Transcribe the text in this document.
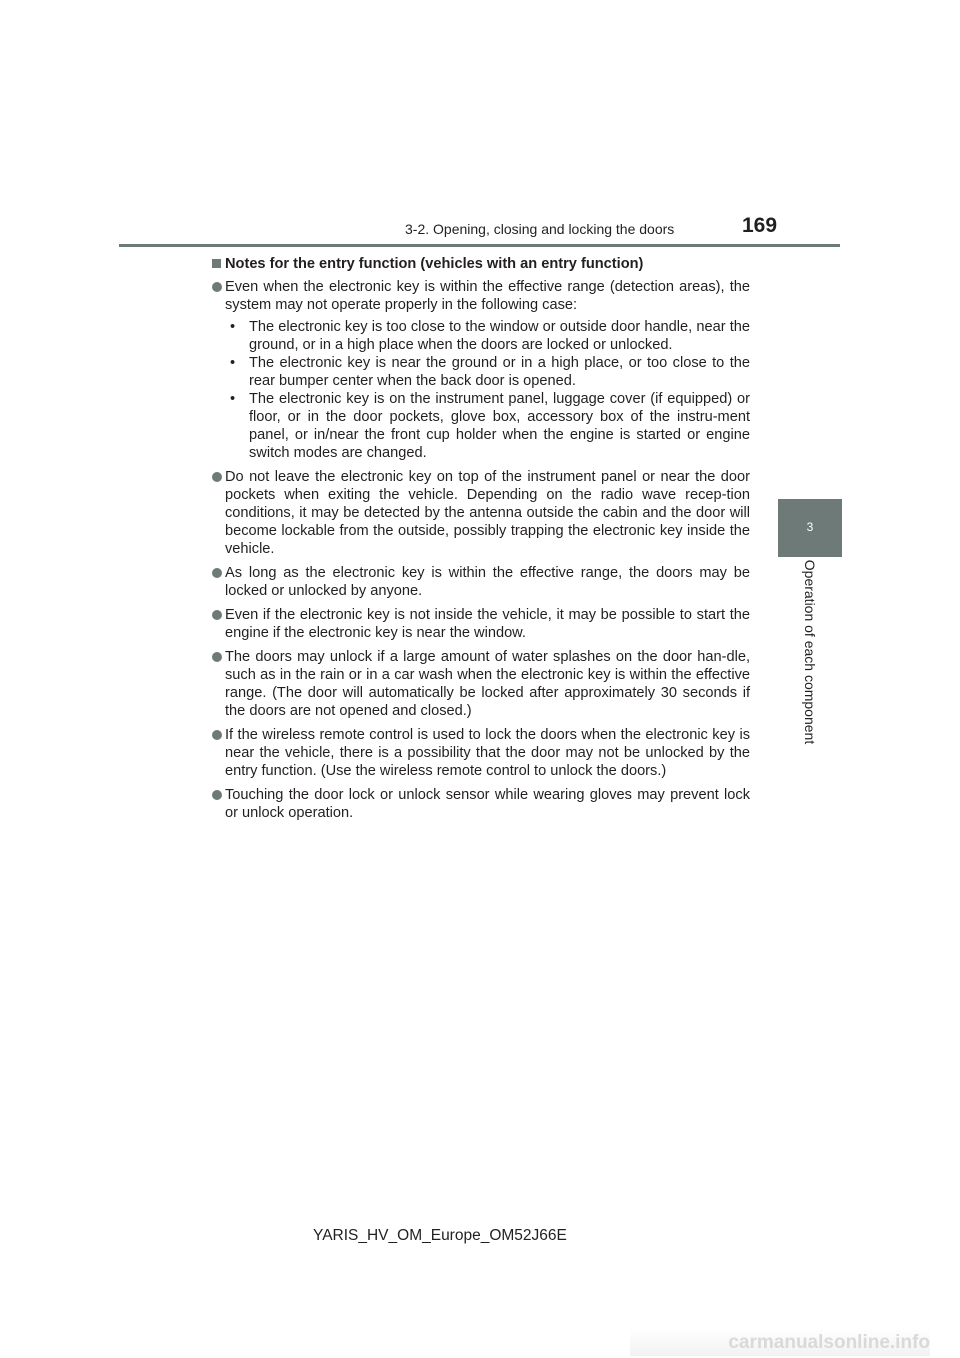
3-2. Opening, closing and locking the doors	169
3
Operation of each component
Notes for the entry function (vehicles with an entry function)
Even when the electronic key is within the effective range (detection areas), the system may not operate properly in the following case:
• The electronic key is too close to the window or outside door handle, near the ground, or in a high place when the doors are locked or unlocked.
• The electronic key is near the ground or in a high place, or too close to the rear bumper center when the back door is opened.
• The electronic key is on the instrument panel, luggage cover (if equipped) or floor, or in the door pockets, glove box, accessory box of the instru-ment panel, or in/near the front cup holder when the engine is started or engine switch modes are changed.
Do not leave the electronic key on top of the instrument panel or near the door pockets when exiting the vehicle. Depending on the radio wave recep-tion conditions, it may be detected by the antenna outside the cabin and the door will become lockable from the outside, possibly trapping the electronic key inside the vehicle.
As long as the electronic key is within the effective range, the doors may be locked or unlocked by anyone.
Even if the electronic key is not inside the vehicle, it may be possible to start the engine if the electronic key is near the window.
The doors may unlock if a large amount of water splashes on the door han-dle, such as in the rain or in a car wash when the electronic key is within the effective range. (The door will automatically be locked after approximately 30 seconds if the doors are not opened and closed.)
If the wireless remote control is used to lock the doors when the electronic key is near the vehicle, there is a possibility that the door may not be unlocked by the entry function. (Use the wireless remote control to unlock the doors.)
Touching the door lock or unlock sensor while wearing gloves may prevent lock or unlock operation.
YARIS_HV_OM_Europe_OM52J66E
carmanualsonline.info
